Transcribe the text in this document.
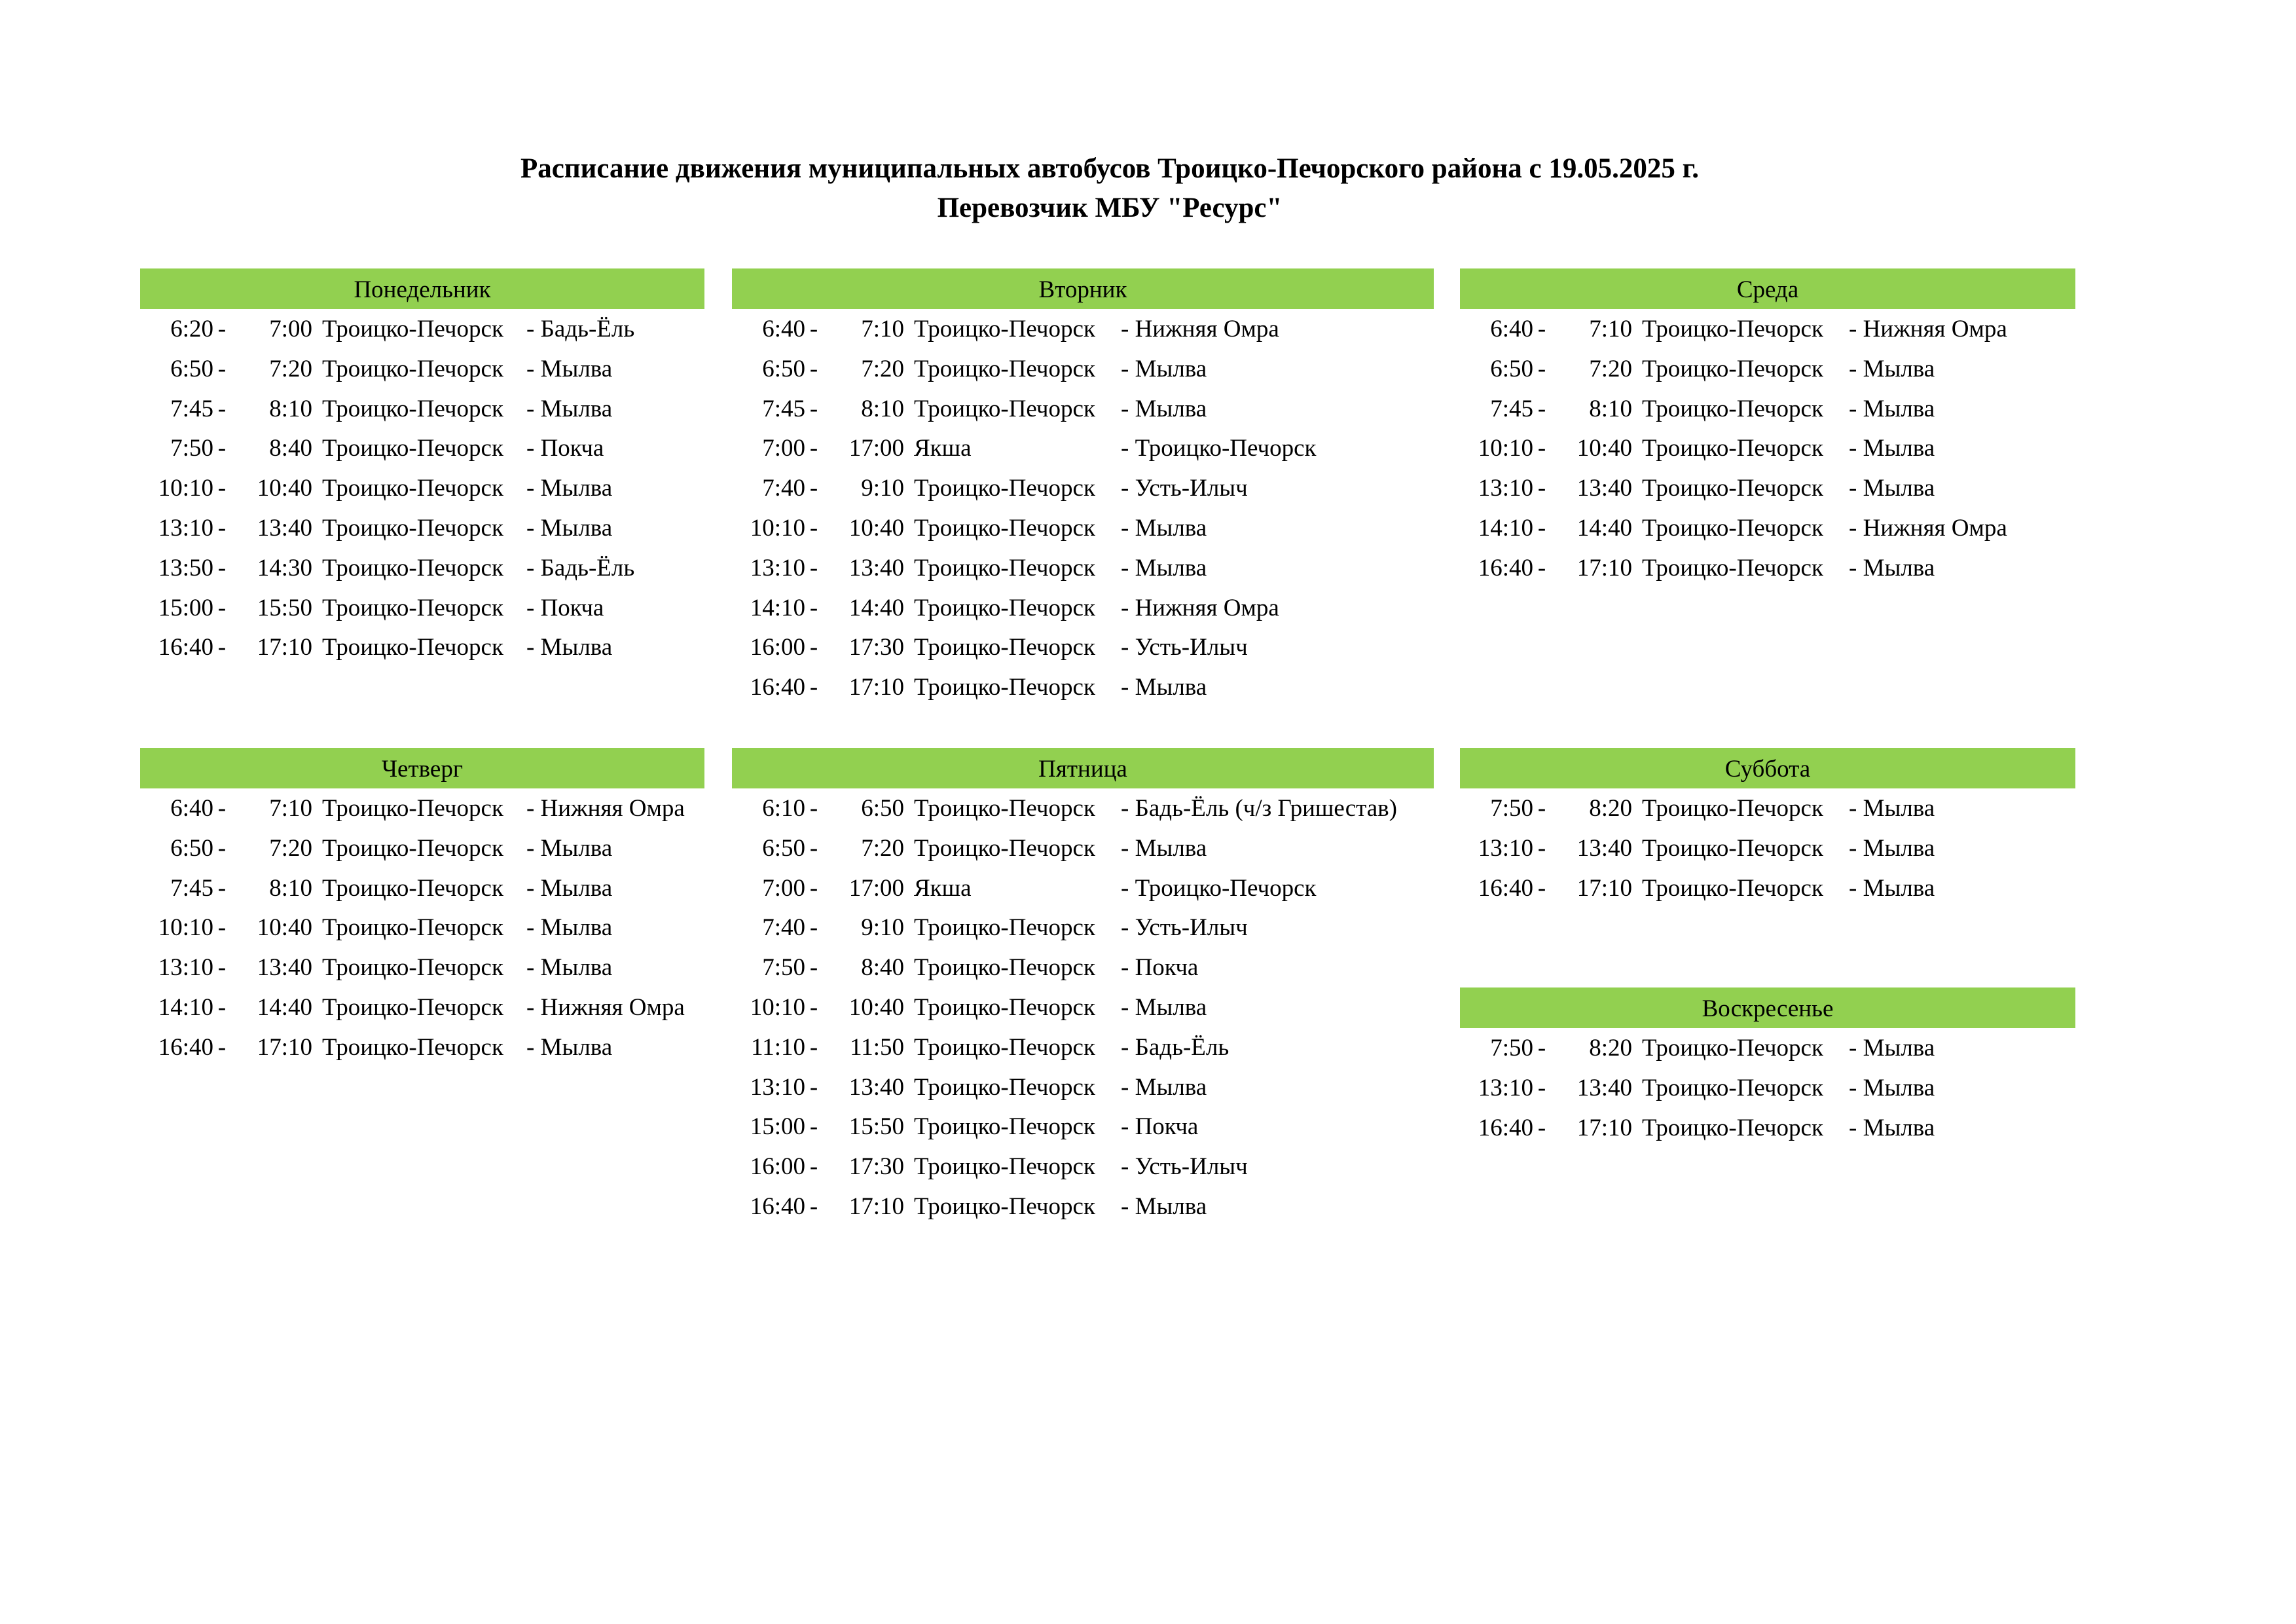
Расписание движения муниципальных автобусов Троицко-Печорского района с 19.05.2025 г.
Перевозчик МБУ "Ресурс"
Понедельник
6:20 -	7:00 Троицко-Печорск - Бадь-Ёль
6:50 -	7:20 Троицко-Печорск - Мылва
7:45 -	8:10 Троицко-Печорск - Мылва
7:50 -	8:40 Троицко-Печорск - Покча
10:10 -	10:40 Троицко-Печорск - Мылва
13:10 -	13:40 Троицко-Печорск - Мылва
13:50 -	14:30 Троицко-Печорск - Бадь-Ёль
15:00 -	15:50 Троицко-Печорск - Покча
16:40 -	17:10 Троицко-Печорск - Мылва
Вторник
6:40 -	7:10 Троицко-Печорск - Нижняя Омра
6:50 -	7:20 Троицко-Печорск - Мылва
7:45 -	8:10 Троицко-Печорск - Мылва
7:00 -	17:00 Якша	- Троицко-Печорск
7:40 -	9:10 Троицко-Печорск - Усть-Илыч
10:10 -	10:40 Троицко-Печорск - Мылва
13:10 -	13:40 Троицко-Печорск - Мылва
14:10 -	14:40 Троицко-Печорск - Нижняя Омра
16:00 -	17:30 Троицко-Печорск - Усть-Илыч
16:40 -	17:10 Троицко-Печорск - Мылва
Среда
6:40 -	7:10 Троицко-Печорск - Нижняя Омра
6:50 -	7:20 Троицко-Печорск - Мылва
7:45 -	8:10 Троицко-Печорск - Мылва
10:10 -	10:40 Троицко-Печорск - Мылва
13:10 -	13:40 Троицко-Печорск - Мылва
14:10 -	14:40 Троицко-Печорск - Нижняя Омра
16:40 -	17:10 Троицко-Печорск - Мылва
Четверг
6:40 -	7:10 Троицко-Печорск - Нижняя Омра
6:50 -	7:20 Троицко-Печорск - Мылва
7:45 -	8:10 Троицко-Печорск - Мылва
10:10 -	10:40 Троицко-Печорск - Мылва
13:10 -	13:40 Троицко-Печорск - Мылва
14:10 -	14:40 Троицко-Печорск - Нижняя Омра
16:40 -	17:10 Троицко-Печорск - Мылва
Пятница
6:10 -	6:50 Троицко-Печорск - Бадь-Ёль (ч/з Гришестав)
6:50 -	7:20 Троицко-Печорск - Мылва
7:00 -	17:00 Якша	- Троицко-Печорск
7:40 -	9:10 Троицко-Печорск - Усть-Илыч
7:50 -	8:40 Троицко-Печорск - Покча
10:10 -	10:40 Троицко-Печорск - Мылва
11:10 -	11:50 Троицко-Печорск - Бадь-Ёль
13:10 -	13:40 Троицко-Печорск - Мылва
15:00 -	15:50 Троицко-Печорск - Покча
16:00 -	17:30 Троицко-Печорск - Усть-Илыч
16:40 -	17:10 Троицко-Печорск - Мылва
Суббота
7:50 -	8:20 Троицко-Печорск - Мылва
13:10 -	13:40 Троицко-Печорск - Мылва
16:40 -	17:10 Троицко-Печорск - Мылва
Воскресенье
7:50 -	8:20 Троицко-Печорск - Мылва
13:10 -	13:40 Троицко-Печорск - Мылва
16:40 -	17:10 Троицко-Печорск - Мылва
